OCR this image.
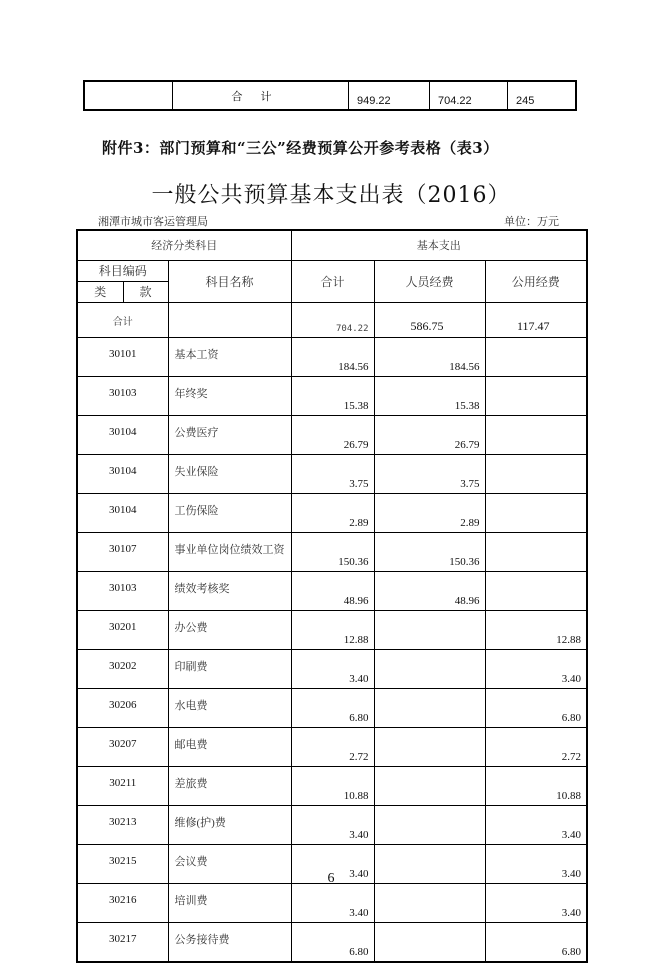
合计	949.22	704.22	245
附件3：部门预算和“三公”经费预算公开参考表格（表3）
一般公共预算基本支出表（2016）
湘潭市城市客运管理局	单位：万元
经济分类科目			基本支出		
科目编码		科目名称	合计	人员经费	公用经费
类	款				
合计			704.22	586.75	117.47
30101		基本工资	184.56	184.56	
30103		年终奖	15.38	15.38	
30104		公费医疗	26.79	26.79	
30104		失业保险	3.75	3.75	
30104		工伤保险	2.89	2.89	
30107		事业单位岗位绩效工资	150.36	150.36	
30103		绩效考核奖	48.96	48.96	
30201		办公费	12.88		12.88
30202		印刷费	3.40		3.40
30206		水电费	6.80		6.80
30207		邮电费	2.72		2.72
30211		差旅费	10.88		10.88
30213		维修(护)费	3.40		3.40
30215		会议费	3.40		3.40
30216		培训费	3.40		3.40
30217		公务接待费	6.80		6.80
6
